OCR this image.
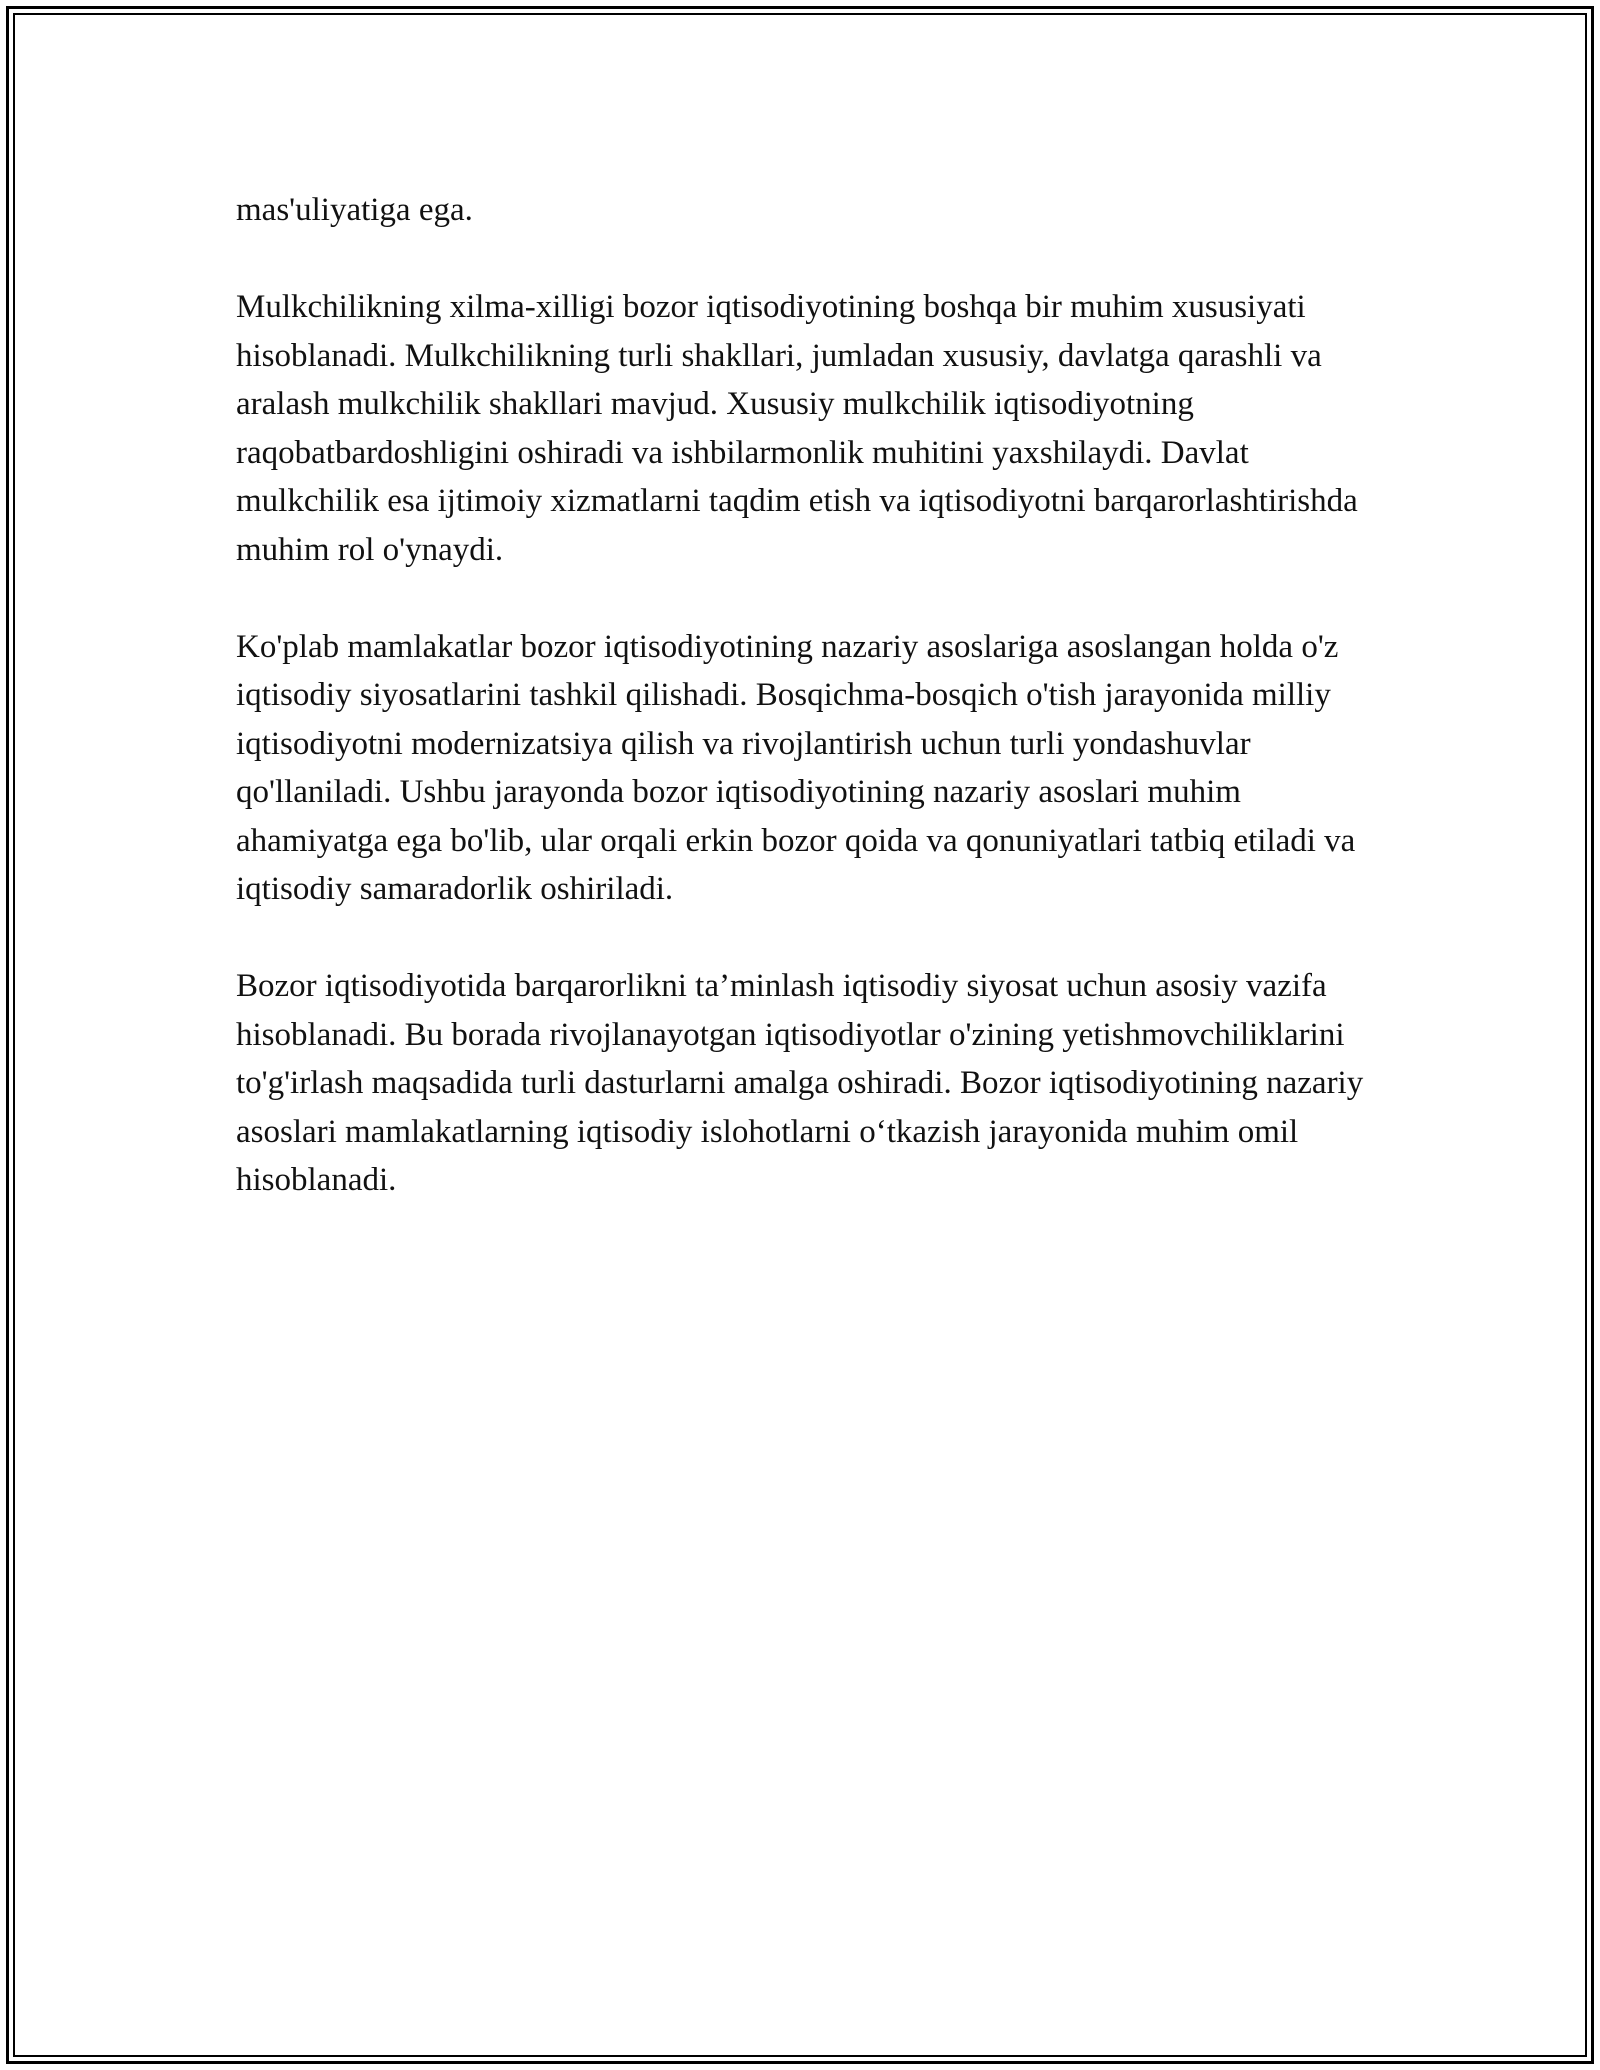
mas'uliyatiga ega.

Mulkchilikning xilma-xilligi bozor iqtisodiyotining boshqa bir muhim xususiyati hisoblanadi. Mulkchilikning turli shakllari, jumladan xususiy, davlatga qarashli va aralash mulkchilik shakllari mavjud. Xususiy mulkchilik iqtisodiyotning raqobatbardoshligini oshiradi va ishbilarmonlik muhitini yaxshilaydi. Davlat mulkchilik esa ijtimoiy xizmatlarni taqdim etish va iqtisodiyotni barqarorlashtirishda muhim rol o'ynaydi.

Ko'plab mamlakatlar bozor iqtisodiyotining nazariy asoslariga asoslangan holda o'z iqtisodiy siyosatlarini tashkil qilishadi. Bosqichma-bosqich o'tish jarayonida milliy iqtisodiyotni modernizatsiya qilish va rivojlantirish uchun turli yondashuvlar qo'llaniladi. Ushbu jarayonda bozor iqtisodiyotining nazariy asoslari muhim ahamiyatga ega bo'lib, ular orqali erkin bozor qoida va qonuniyatlari tatbiq etiladi va iqtisodiy samaradorlik oshiriladi.

Bozor iqtisodiyotida barqarorlikni ta’minlash iqtisodiy siyosat uchun asosiy vazifa hisoblanadi. Bu borada rivojlanayotgan iqtisodiyotlar o'zining yetishmovchiliklarini to'g'irlash maqsadida turli dasturlarni amalga oshiradi. Bozor iqtisodiyotining nazariy asoslari mamlakatlarning iqtisodiy islohotlarni o‘tkazish jarayonida muhim omil hisoblanadi.
